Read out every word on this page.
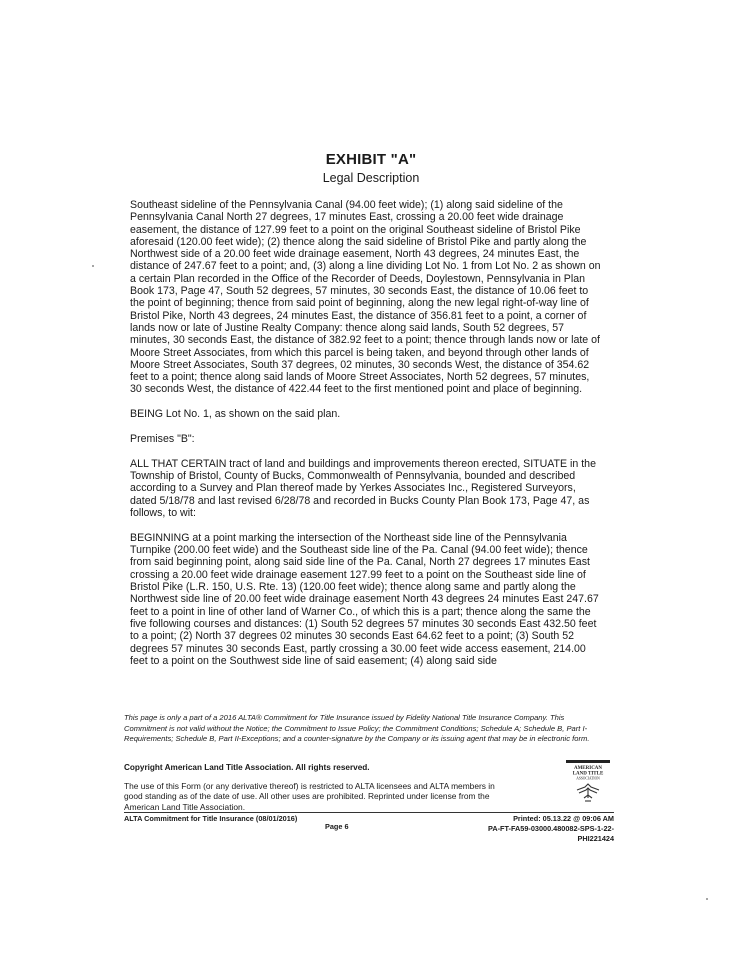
EXHIBIT "A"
Legal Description

Southeast sideline of the Pennsylvania Canal (94.00 feet wide); (1) along said sideline of the Pennsylvania Canal North 27 degrees, 17 minutes East, crossing a 20.00 feet wide drainage easement, the distance of 127.99 feet to a point on the original Southeast sideline of Bristol Pike aforesaid (120.00 feet wide); (2) thence along the said sideline of Bristol Pike and partly along the Northwest side of a 20.00 feet wide drainage easement, North 43 degrees, 24 minutes East, the distance of 247.67 feet to a point; and, (3) along a line dividing Lot No. 1 from Lot No. 2 as shown on a certain Plan recorded in the Office of the Recorder of Deeds, Doylestown, Pennsylvania in Plan Book 173, Page 47, South 52 degrees, 57 minutes, 30 seconds East, the distance of 10.06 feet to the point of beginning; thence from said point of beginning, along the new legal right-of-way line of Bristol Pike, North 43 degrees, 24 minutes East, the distance of 356.81 feet to a point, a corner of lands now or late of Justine Realty Company: thence along said lands, South 52 degrees, 57 minutes, 30 seconds East, the distance of 382.92 feet to a point; thence through lands now or late of Moore Street Associates, from which this parcel is being taken, and beyond through other lands of Moore Street Associates, South 37 degrees, 02 minutes, 30 seconds West, the distance of 354.62 feet to a point; thence along said lands of Moore Street Associates, North 52 degrees, 57 minutes, 30 seconds West, the distance of 422.44 feet to the first mentioned point and place of beginning.

BEING Lot No. 1, as shown on the said plan.

Premises "B":

ALL THAT CERTAIN tract of land and buildings and improvements thereon erected, SITUATE in the Township of Bristol, County of Bucks, Commonwealth of Pennsylvania, bounded and described according to a Survey and Plan thereof made by Yerkes Associates Inc., Registered Surveyors, dated 5/18/78 and last revised 6/28/78 and recorded in Bucks County Plan Book 173, Page 47, as follows, to wit:

BEGINNING at a point marking the intersection of the Northeast side line of the Pennsylvania Turnpike (200.00 feet wide) and the Southeast side line of the Pa. Canal (94.00 feet wide); thence from said beginning point, along said side line of the Pa. Canal, North 27 degrees 17 minutes East crossing a 20.00 feet wide drainage easement 127.99 feet to a point on the Southeast side line of Bristol Pike (L.R. 150, U.S. Rte. 13) (120.00 feet wide); thence along same and partly along the Northwest side line of 20.00 feet wide drainage easement North 43 degrees 24 minutes East 247.67 feet to a point in line of other land of Warner Co., of which this is a part; thence along the same the five following courses and distances: (1) South 52 degrees 57 minutes 30 seconds East 432.50 feet to a point; (2) North 37 degrees 02 minutes 30 seconds East 64.62 feet to a point; (3) South 52 degrees 57 minutes 30 seconds East, partly crossing a 30.00 feet wide access easement, 214.00 feet to a point on the Southwest side line of said easement; (4) along said side

This page is only a part of a 2016 ALTA® Commitment for Title Insurance issued by Fidelity National Title Insurance Company. This Commitment is not valid without the Notice; the Commitment to Issue Policy; the Commitment Conditions; Schedule A; Schedule B, Part I-Requirements; Schedule B, Part II-Exceptions; and a counter-signature by the Company or its issuing agent that may be in electronic form.
Copyright American Land Title Association. All rights reserved.
The use of this Form (or any derivative thereof) is restricted to ALTA licensees and ALTA members in good standing as of the date of use. All other uses are prohibited. Reprinted under license from the American Land Title Association.
AMERICAN
LAND TITLE
ASSOCIATION
ALTA Commitment for Title Insurance (08/01/2016)
Page 6
Printed: 05.13.22 @ 09:06 AM
PA-FT-FA59-03000.480082-SPS-1-22-PHI221424
